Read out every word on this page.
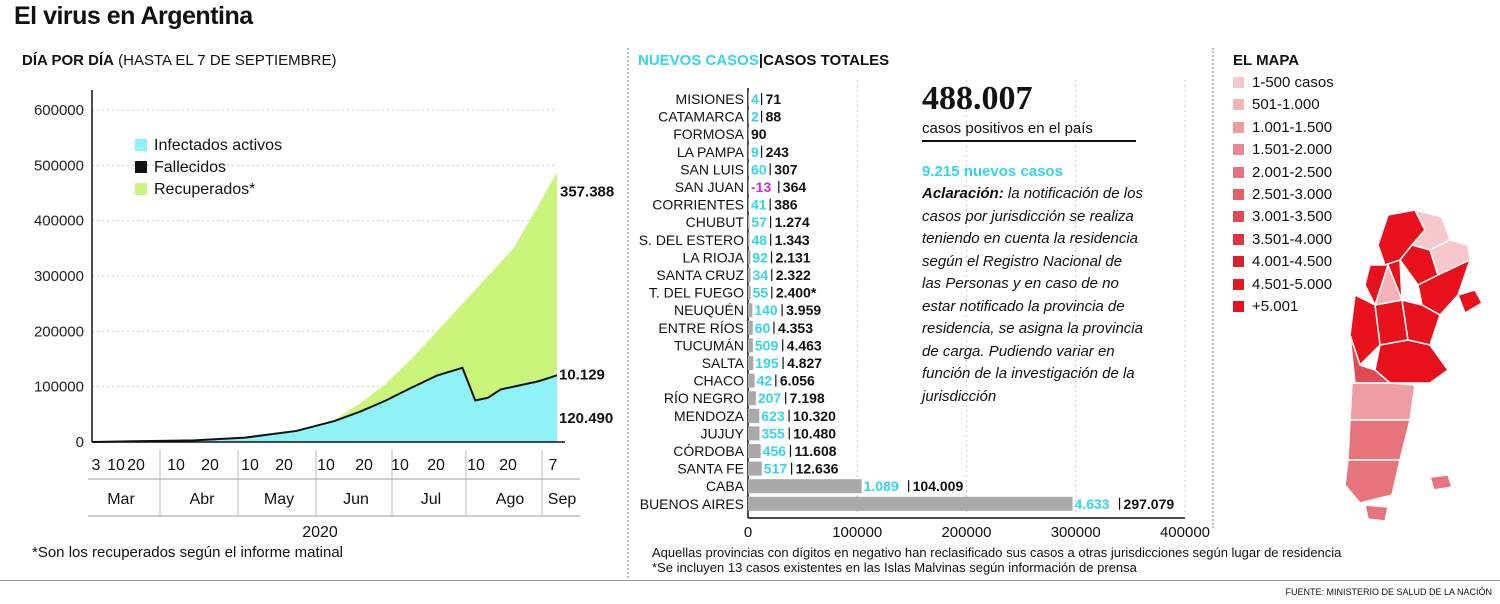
El virus en Argentina
DÍA POR DÍA (HASTA EL 7 DE SEPTIEMBRE)	NUEVOS CASOS|CASOS TOTALES
0
100000
200000
300000
400000
500000
600000
Infectados activos
Fallecidos
Recuperados*	357.388
10.129
120.490
3 10 20 10 20 10 20 10 20 10 20 10 20 7
Mar	Abr	May	Jun	Jul	Ago Sep
2020
*Son los recuperados según el informe matinal
0	100000	200000	300000	400000
MISIONES 4 71
CATAMARCA 2 88
FORMOSA 90
LA PAMPA 9 243
SAN LUIS 60 307
SAN JUAN -13 364
CORRIENTES 41 386
CHUBUT 57 1.274
S. DEL ESTERO 48 1.343
LA RIOJA 92 2.131
SANTA CRUZ 34 2.322
T. DEL FUEGO 55 2.400*
NEUQUÉN 140 3.959
ENTRE RÍOS 60 4.353
TUCUMÁN 509 4.463
SALTA 195 4.827
CHACO 42 6.056
RÍO NEGRO 207 7.198
MENDOZA 623 10.320
JUJUY 355 10.480
CÓRDOBA 456 11.608
SANTA FE 517 12.636
CABA	1.089 104.009
BUENOS AIRES	4.633 297.079
488.007
casos positivos en el país
9.215 nuevos casos
Aclaración: la notificación de los casos por jurisdicción se realiza teniendo en cuenta la residencia según el Registro Nacional de las Personas y en caso de no estar notificado la provincia de residencia, se asigna la provincia de carga. Pudiendo variar en función de la investigación de la jurisdicción
Aquellas provincias con dígitos en negativo han reclasificado sus casos a otras jurisdicciones según lugar de residencia
*Se incluyen 13 casos existentes en las Islas Malvinas según información de prensa
EL MAPA
1-500 casos
501-1.000
1.001-1.500
1.501-2.000
2.001-2.500
2.501-3.000
3.001-3.500
3.501-4.000
4.001-4.500
4.501-5.000
+5.001
FUENTE: MINISTERIO DE SALUD DE LA NACIÓN
